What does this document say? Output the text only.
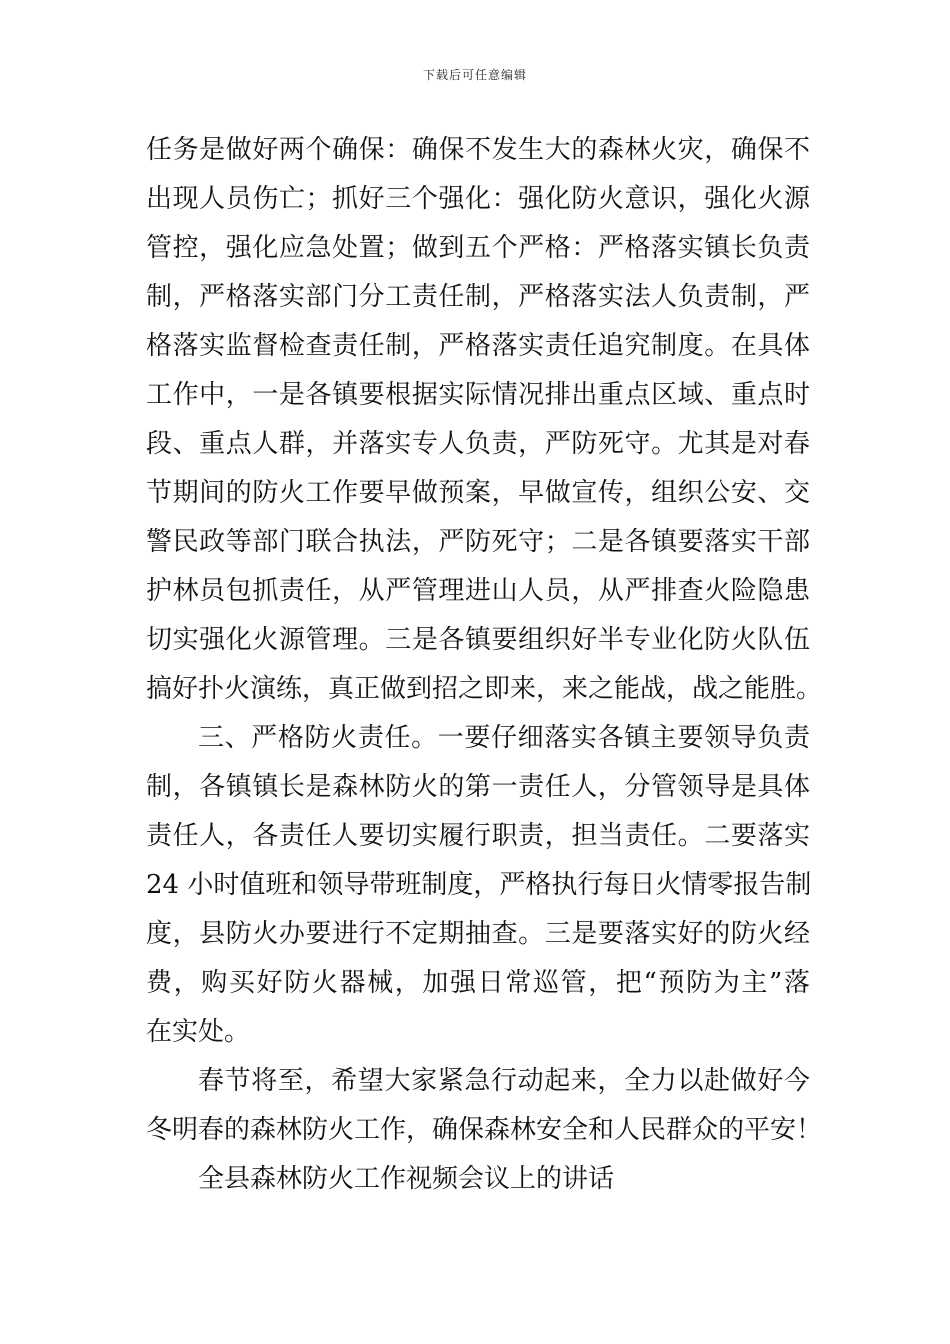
下载后可任意编辑
任务是做好两个确保：确保不发生大的森林火灾，确保不
出现人员伤亡；抓好三个强化：强化防火意识，强化火源
管控，强化应急处置；做到五个严格：严格落实镇长负责
制，严格落实部门分工责任制，严格落实法人负责制，严
格落实监督检查责任制，严格落实责任追究制度。在具体
工作中，一是各镇要根据实际情况排出重点区域、重点时
段、重点人群，并落实专人负责，严防死守。尤其是对春
节期间的防火工作要早做预案，早做宣传，组织公安、交
警民政等部门联合执法，严防死守；二是各镇要落实干部
护林员包抓责任，从严管理进山人员，从严排查火险隐患
切实强化火源管理。三是各镇要组织好半专业化防火队伍
搞好扑火演练，真正做到招之即来，来之能战，战之能胜。
三、严格防火责任。一要仔细落实各镇主要领导负责
制，各镇镇长是森林防火的第一责任人，分管领导是具体
责任人，各责任人要切实履行职责，担当责任。二要落实
24 小时值班和领导带班制度，严格执行每日火情零报告制
度，县防火办要进行不定期抽查。三是要落实好的防火经
费，购买好防火器械，加强日常巡管，把“预防为主”落
在实处。
春节将至，希望大家紧急行动起来，全力以赴做好今
冬明春的森林防火工作，确保森林安全和人民群众的平安！
全县森林防火工作视频会议上的讲话
